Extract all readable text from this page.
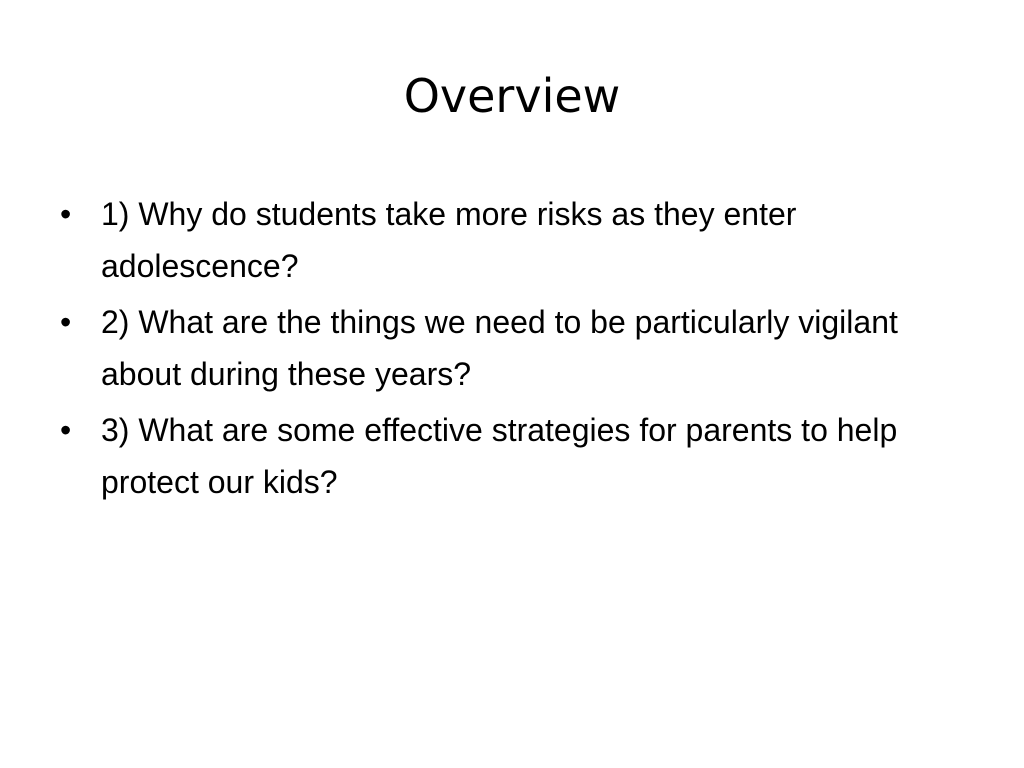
Overview
• 1) Why do students take more risks as they enter adolescence?
• 2) What are the things we need to be particularly vigilant about during these years?
• 3) What are some effective strategies for parents to help protect our kids?
